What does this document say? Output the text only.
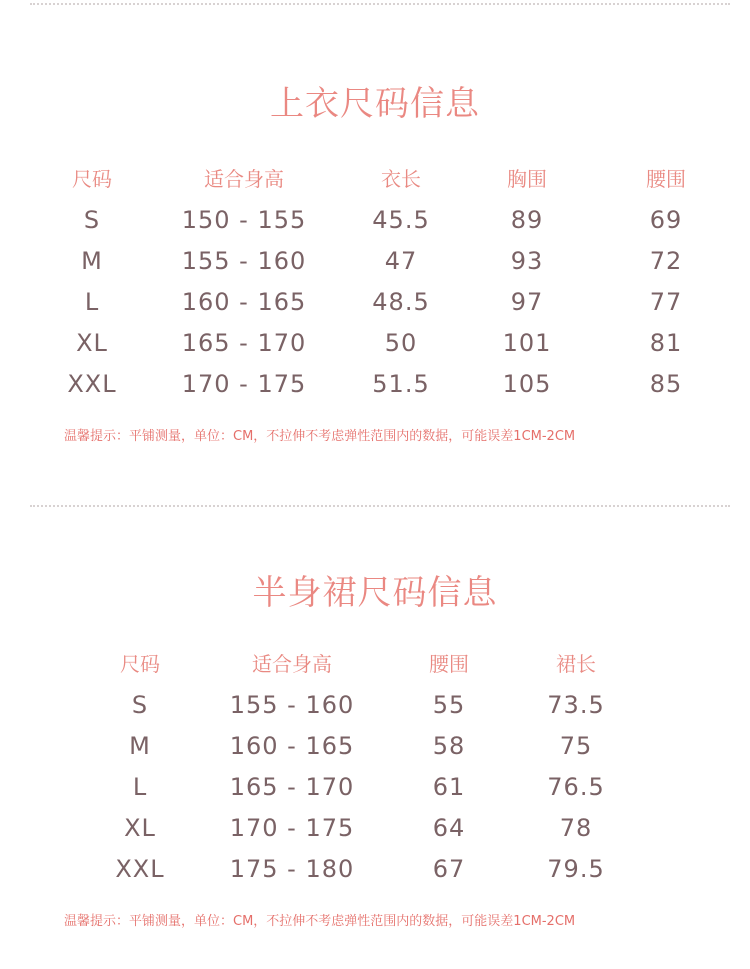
上衣尺码信息
尺码	适合身高	衣长	胸围	腰围
S	150 - 155	45.5	89	69
M	155 - 160	47	93	72
L	160 - 165	48.5	97	77
XL	165 - 170	50	101	81
XXL	170 - 175	51.5	105	85
温馨提示：平铺测量，单位：CM，不拉伸不考虑弹性范围内的数据，可能误差1CM-2CM
半身裙尺码信息
尺码	适合身高	腰围	裙长
S	155 - 160	55	73.5
M	160 - 165	58	75
L	165 - 170	61	76.5
XL	170 - 175	64	78
XXL	175 - 180	67	79.5
温馨提示：平铺测量，单位：CM，不拉伸不考虑弹性范围内的数据，可能误差1CM-2CM
